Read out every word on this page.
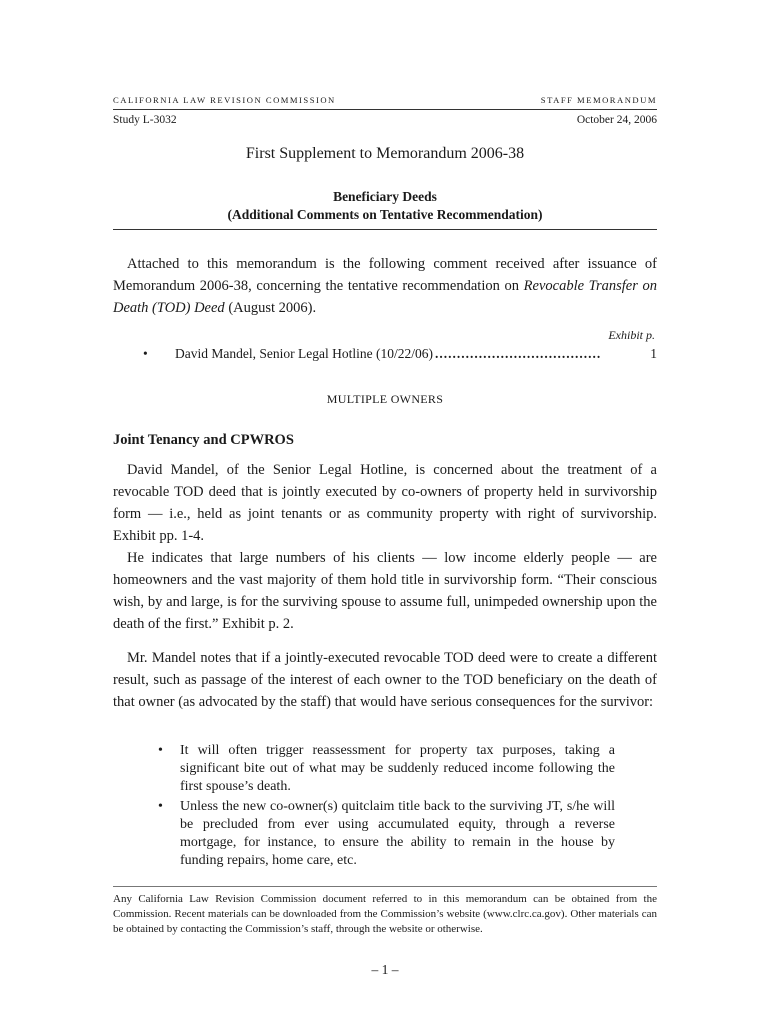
CALIFORNIA LAW REVISION COMMISSION	STAFF MEMORANDUM
Study L-3032	October 24, 2006
First Supplement to Memorandum 2006-38
Beneficiary Deeds
(Additional Comments on Tentative Recommendation)

Attached to this memorandum is the following comment received after issuance of Memorandum 2006-38, concerning the tentative recommendation on Revocable Transfer on Death (TOD) Deed (August 2006).

Exhibit p.
•	David Mandel, Senior Legal Hotline (10/22/06) ......................................	1
MULTIPLE OWNERS
Joint Tenancy and CPWROS

David Mandel, of the Senior Legal Hotline, is concerned about the treatment of a revocable TOD deed that is jointly executed by co-owners of property held in survivorship form — i.e., held as joint tenants or as community property with right of survivorship. Exhibit pp. 1-4.

He indicates that large numbers of his clients — low income elderly people — are homeowners and the vast majority of them hold title in survivorship form. “Their conscious wish, by and large, is for the surviving spouse to assume full, unimpeded ownership upon the death of the first.” Exhibit p. 2.

Mr. Mandel notes that if a jointly-executed revocable TOD deed were to create a different result, such as passage of the interest of each owner to the TOD beneficiary on the death of that owner (as advocated by the staff) that would have serious consequences for the survivor:

• It will often trigger reassessment for property tax purposes, taking a significant bite out of what may be suddenly reduced income following the first spouse’s death.
• Unless the new co-owner(s) quitclaim title back to the surviving JT, s/he will be precluded from ever using accumulated equity, through a reverse mortgage, for instance, to ensure the ability to remain in the house by funding repairs, home care, etc.

Any California Law Revision Commission document referred to in this memorandum can be obtained from the Commission. Recent materials can be downloaded from the Commission’s website (www.clrc.ca.gov). Other materials can be obtained by contacting the Commission’s staff, through the website or otherwise.

– 1 –
